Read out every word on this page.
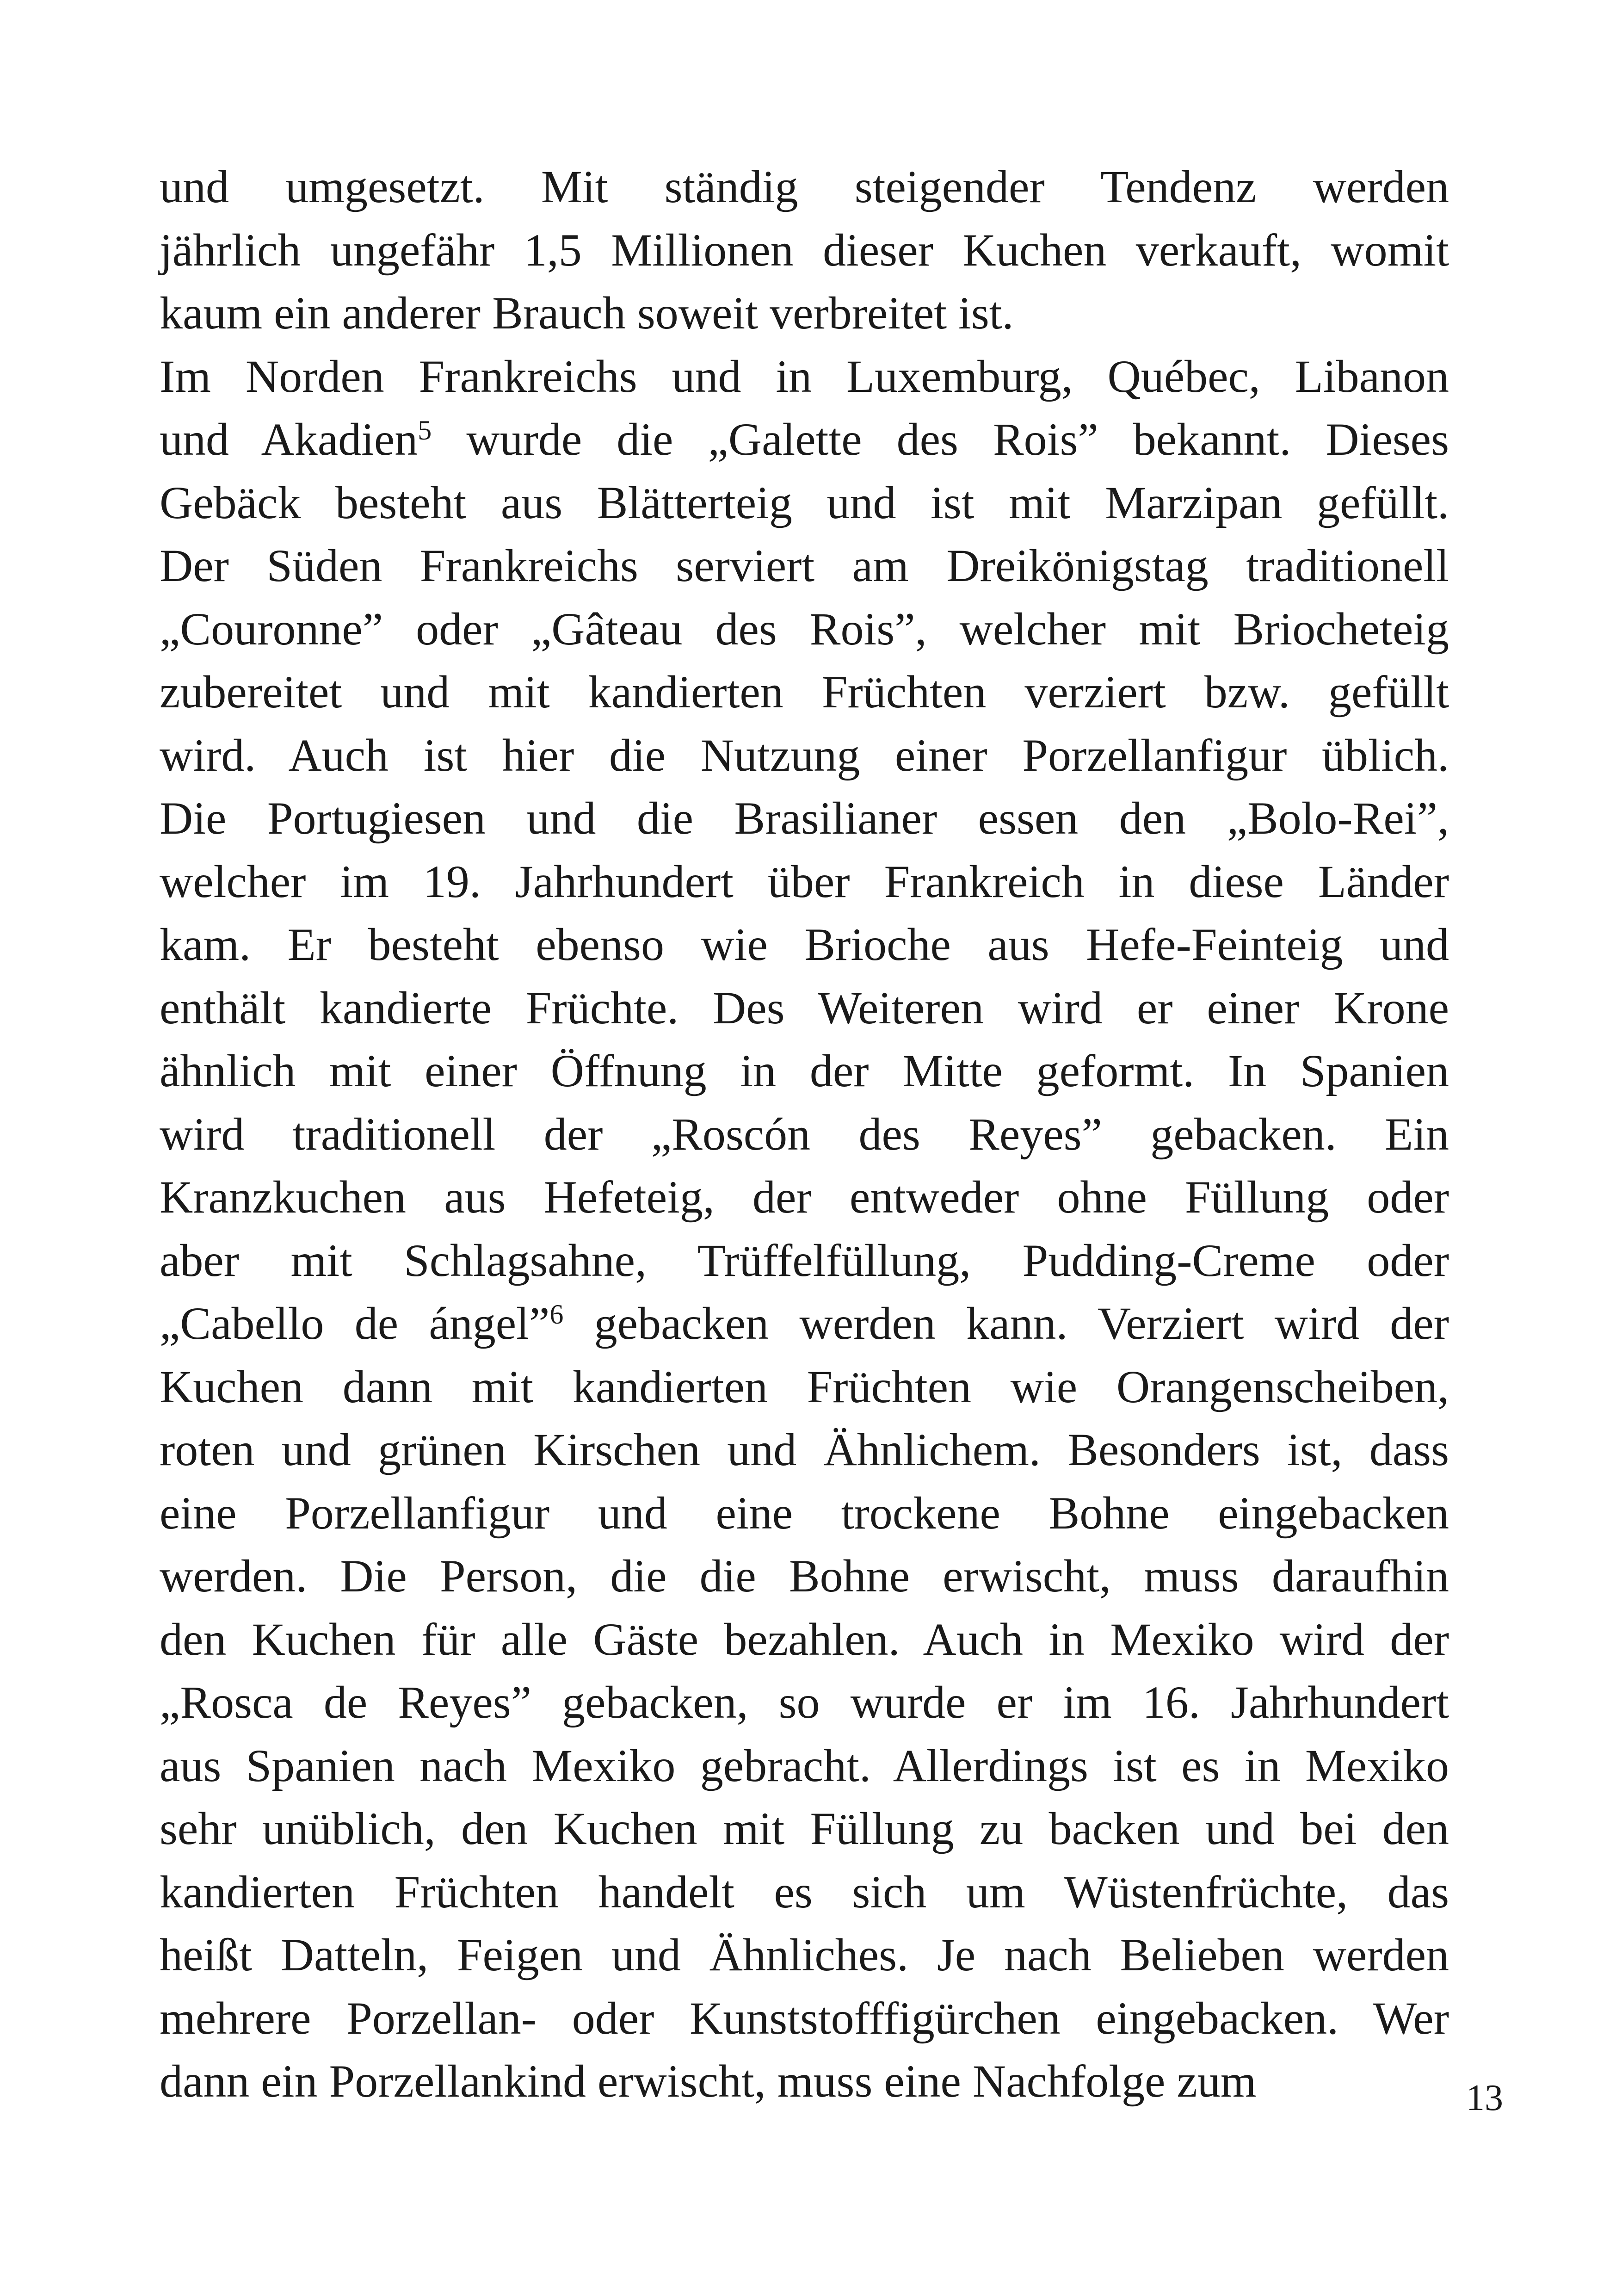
und umgesetzt. Mit ständig steigender Tendenz werden
jährlich ungefähr 1,5 Millionen dieser Kuchen verkauft, womit
kaum ein anderer Brauch soweit verbreitet ist.
Im Norden Frankreichs und in Luxemburg, Québec, Libanon
und Akadien$^5$ wurde die „Galette des Rois” bekannt. Dieses
Gebäck besteht aus Blätterteig und ist mit Marzipan gefüllt.
Der Süden Frankreichs serviert am Dreikönigstag traditionell
„Couronne” oder „Gâteau des Rois”, welcher mit Briocheteig
zubereitet und mit kandierten Früchten verziert bzw. gefüllt
wird. Auch ist hier die Nutzung einer Porzellanfigur üblich.
Die Portugiesen und die Brasilianer essen den „Bolo-Rei”,
welcher im 19. Jahrhundert über Frankreich in diese Länder
kam. Er besteht ebenso wie Brioche aus Hefe-Feinteig und
enthält kandierte Früchte. Des Weiteren wird er einer Krone
ähnlich mit einer Öffnung in der Mitte geformt. In Spanien
wird traditionell der „Roscón des Reyes” gebacken. Ein
Kranzkuchen aus Hefeteig, der entweder ohne Füllung oder
aber mit Schlagsahne, Trüffelfüllung, Pudding-Creme oder
„Cabello de ángel”$^6$ gebacken werden kann. Verziert wird der
Kuchen dann mit kandierten Früchten wie Orangenscheiben,
roten und grünen Kirschen und Ähnlichem. Besonders ist, dass
eine Porzellanfigur und eine trockene Bohne eingebacken
werden. Die Person, die die Bohne erwischt, muss daraufhin
den Kuchen für alle Gäste bezahlen. Auch in Mexiko wird der
„Rosca de Reyes” gebacken, so wurde er im 16. Jahrhundert
aus Spanien nach Mexiko gebracht. Allerdings ist es in Mexiko
sehr unüblich, den Kuchen mit Füllung zu backen und bei den
kandierten Früchten handelt es sich um Wüstenfrüchte, das
heißt Datteln, Feigen und Ähnliches. Je nach Belieben werden
mehrere Porzellan- oder Kunststofffigürchen eingebacken. Wer
dann ein Porzellankind erwischt, muss eine Nachfolge zum	13
